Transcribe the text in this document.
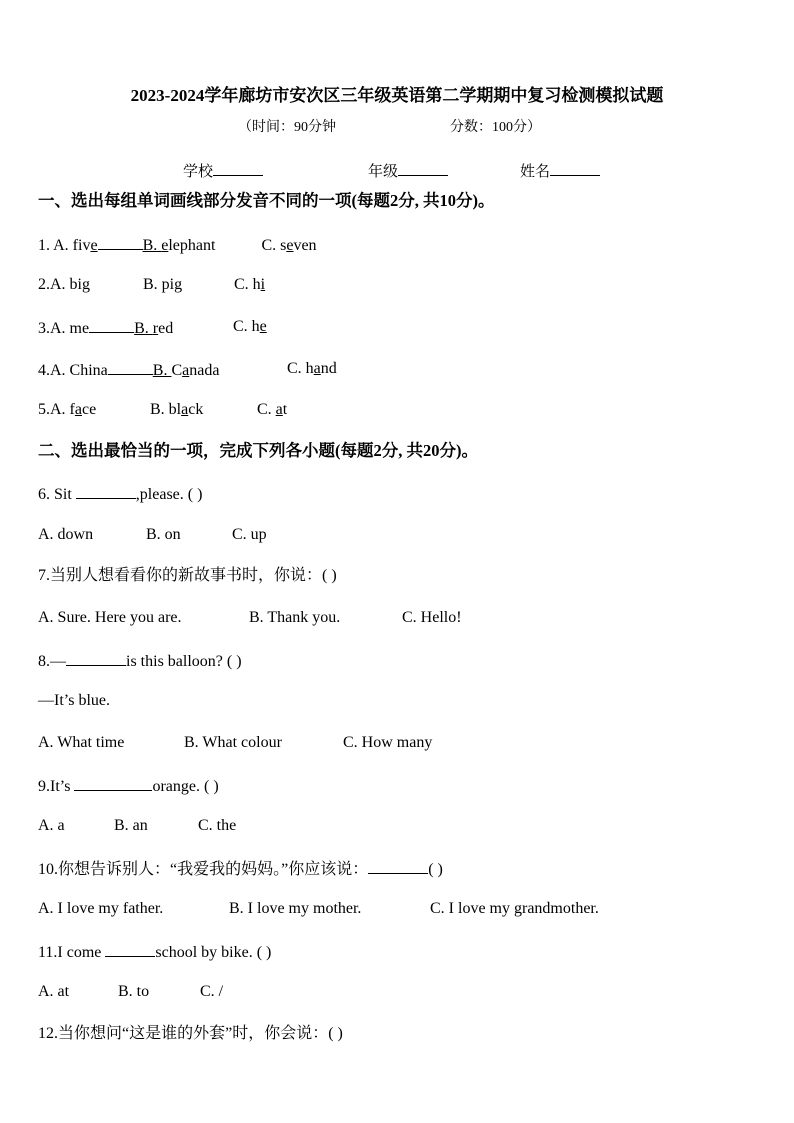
2023-2024学年廊坊市安次区三年级英语第二学期期中复习检测模拟试题
（时间：90分钟	分数：100分）
学校	年级	姓名
一、选出每组单词画线部分发音不同的一项(每题2分, 共10分)。
1. A. five	B. elephant	C. seven
2.A. big	B. pig	C. hi
3.A. me	B. red	C. he
4.A. China	B. Canada	C. hand
5.A. face	B. black	C. at
二、选出最恰当的一项，完成下列各小题(每题2分, 共20分)。
6. Sit	,please. ( )
A. down	B. on	C. up
7.当别人想看看你的新故事书时，你说：( )
A. Sure. Here you are.	B. Thank you.	C. Hello!
8.—	is this balloon? ( )
—It’s blue.
A. What time	B. What colour	C. How many
9.It’s	orange. ( )
A. a	B. an	C. the
10.你想告诉别人：“我爱我的妈妈。”你应该说：	( )
A. I love my father.	B. I love my mother.	C. I love my grandmother.
11.I come	school by bike. ( )
A. at	B. to	C. /
12.当你想问“这是谁的外套”时，你会说：( )
